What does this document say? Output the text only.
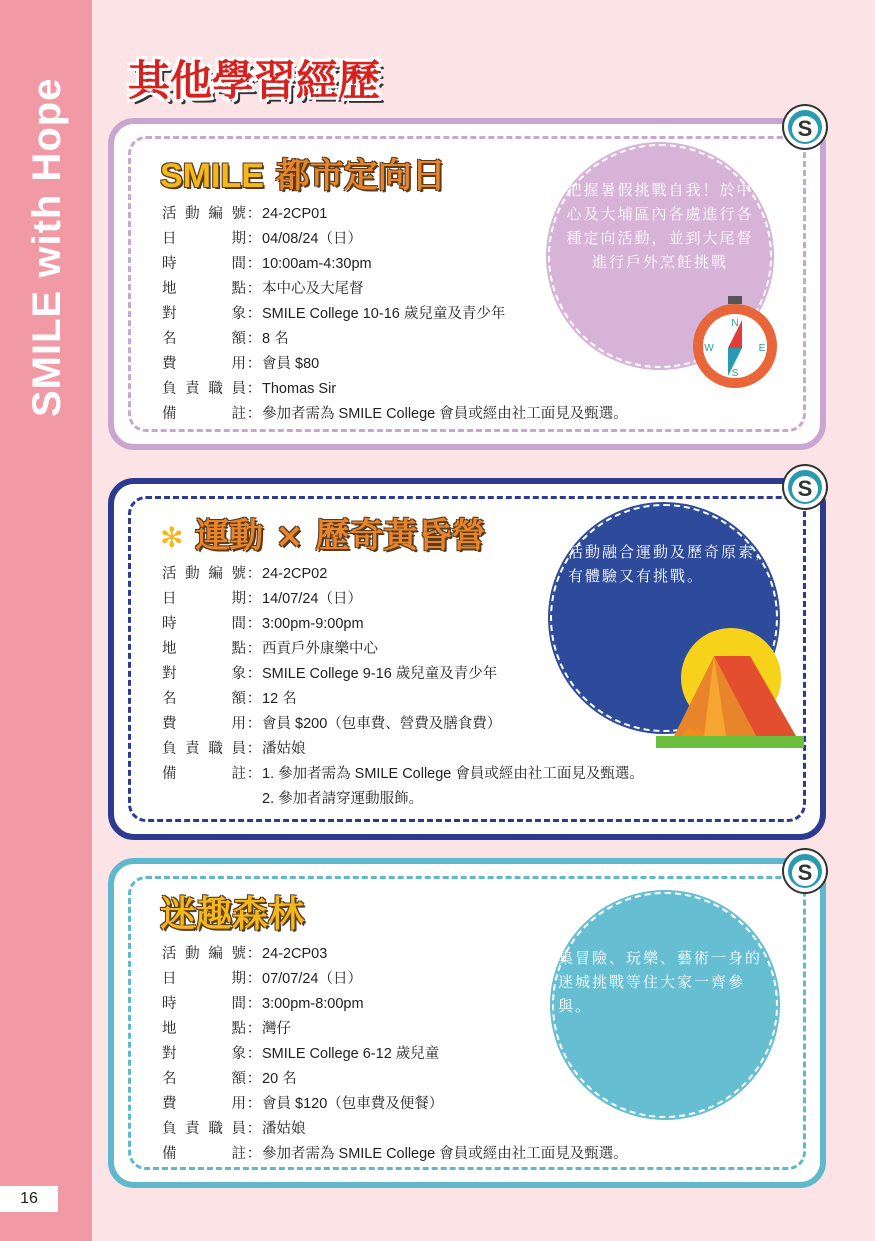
SMILE with Hope
16
其他學習經歷
S
SMILE 都市定向日
活動編號 ： 24-2CP01
日期 ： 04/08/24（日）
時間 ： 10:00am-4:30pm
地點 ： 本中心及大尾督
對象 ： SMILE College 10-16 歲兒童及青少年
名額 ： 8 名
費用 ： 會員 $80
負責職員 ： Thomas Sir
備註 ： 參加者需為 SMILE College 會員或經由社工面見及甄選。
把握暑假挑戰自我！於中心及大埔區內各處進行各種定向活動，並到大尾督進行戶外烹飪挑戰
N
W	E
S
S
✻ 運動 × 歷奇黃昏營
活動編號 ： 24-2CP02
日期 ： 14/07/24（日）
時間 ： 3:00pm-9:00pm
地點 ： 西貢戶外康樂中心
對象 ： SMILE College 9-16 歲兒童及青少年
名額 ： 12 名
費用 ： 會員 $200（包車費、營費及膳食費）
負責職員 ： 潘姑娘
備註 ： 1. 參加者需為 SMILE College 會員或經由社工面見及甄選。
2. 參加者請穿運動服飾。
活動融合運動及歷奇原素，有體驗又有挑戰。
S
迷趣森林
活動編號 ： 24-2CP03
日期 ： 07/07/24（日）
時間 ： 3:00pm-8:00pm
地點 ： 灣仔
對象 ： SMILE College 6-12 歲兒童
名額 ： 20 名
費用 ： 會員 $120（包車費及便餐）
負責職員 ： 潘姑娘
備註 ： 參加者需為 SMILE College 會員或經由社工面見及甄選。
集冒險、玩樂、藝術一身的迷城挑戰等住大家一齊參與。
